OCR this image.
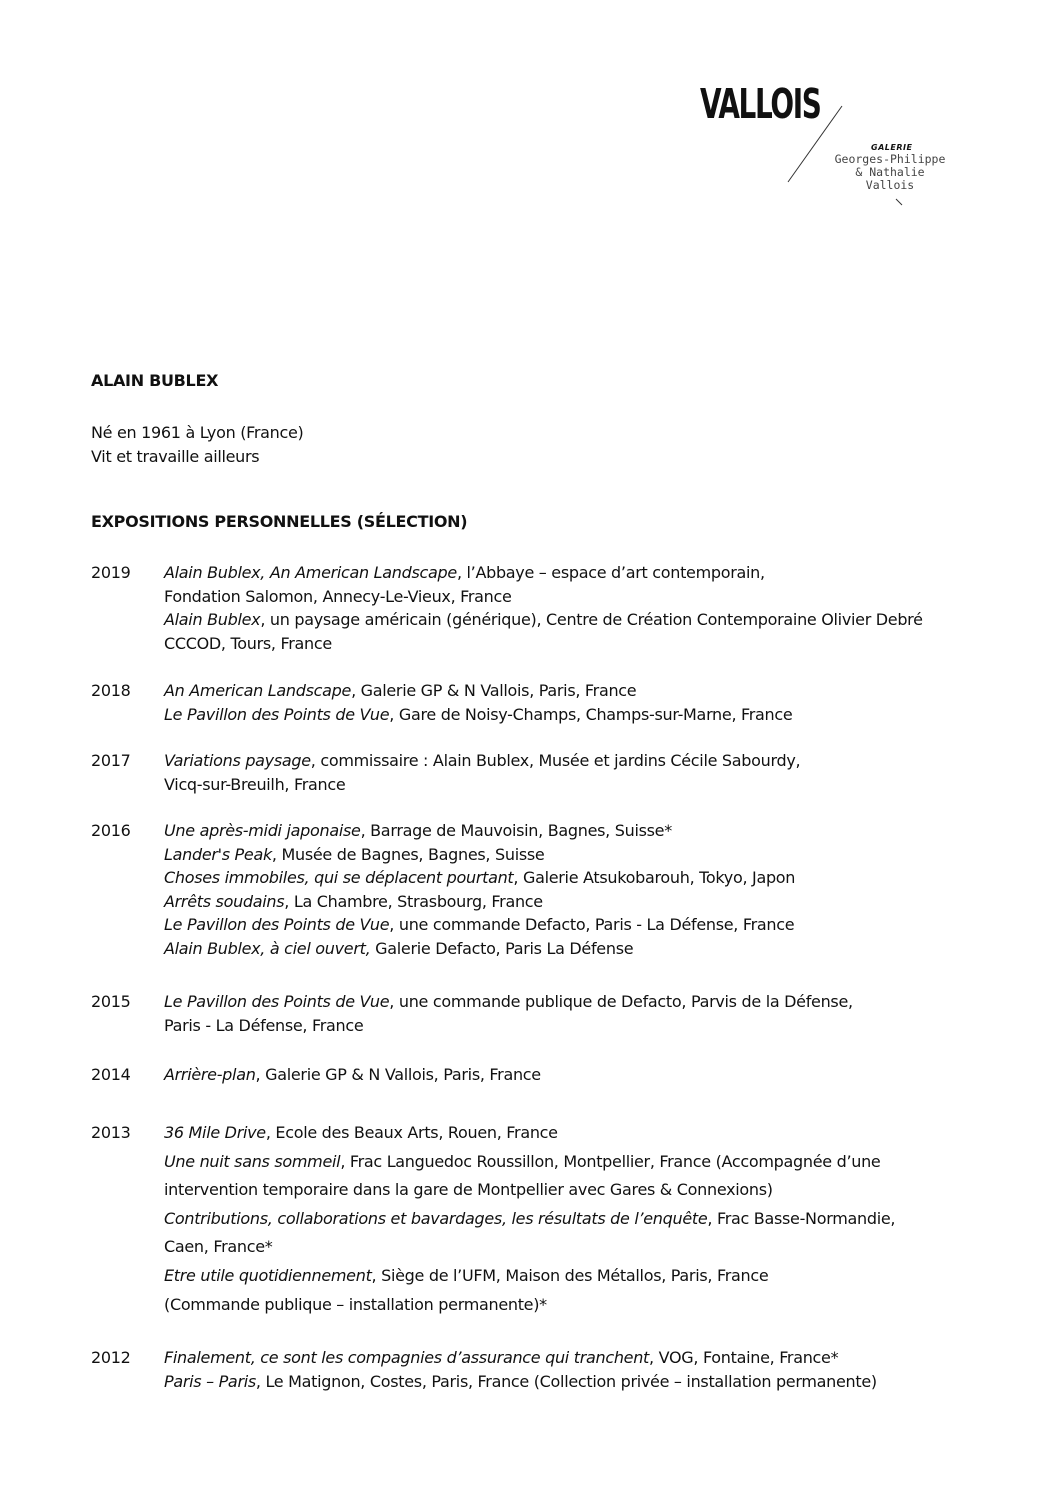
VALLOIS
GALERIE
Georges-Philippe
& Nathalie
Vallois
ALAIN BUBLEX
Né en 1961 à Lyon (France)
Vit et travaille ailleurs
EXPOSITIONS PERSONNELLES (SÉLECTION)
2019	Alain Bublex, An American Landscape, l’Abbaye – espace d’art contemporain,
Fondation Salomon, Annecy-Le-Vieux, France
Alain Bublex, un paysage américain (générique), Centre de Création Contemporaine Olivier Debré
CCCOD, Tours, France
2018	An American Landscape, Galerie GP & N Vallois, Paris, France
Le Pavillon des Points de Vue, Gare de Noisy-Champs, Champs-sur-Marne, France
2017	Variations paysage, commissaire : Alain Bublex, Musée et jardins Cécile Sabourdy,
Vicq-sur-Breuilh, France
2016	Une après-midi japonaise, Barrage de Mauvoisin, Bagnes, Suisse*
Lander's Peak, Musée de Bagnes, Bagnes, Suisse
Choses immobiles, qui se déplacent pourtant, Galerie Atsukobarouh, Tokyo, Japon
Arrêts soudains, La Chambre, Strasbourg, France
Le Pavillon des Points de Vue, une commande Defacto, Paris - La Défense, France
Alain Bublex, à ciel ouvert, Galerie Defacto, Paris La Défense
2015	Le Pavillon des Points de Vue, une commande publique de Defacto, Parvis de la Défense,
Paris - La Défense, France
2014	Arrière-plan, Galerie GP & N Vallois, Paris, France
2013	36 Mile Drive, Ecole des Beaux Arts, Rouen, France
Une nuit sans sommeil, Frac Languedoc Roussillon, Montpellier, France (Accompagnée d’une
intervention temporaire dans la gare de Montpellier avec Gares & Connexions)
Contributions, collaborations et bavardages, les résultats de l’enquête, Frac Basse-Normandie,
Caen, France*
Etre utile quotidiennement, Siège de l’UFM, Maison des Métallos, Paris, France
(Commande publique – installation permanente)*
2012	Finalement, ce sont les compagnies d’assurance qui tranchent, VOG, Fontaine, France*
Paris – Paris, Le Matignon, Costes, Paris, France (Collection privée – installation permanente)
